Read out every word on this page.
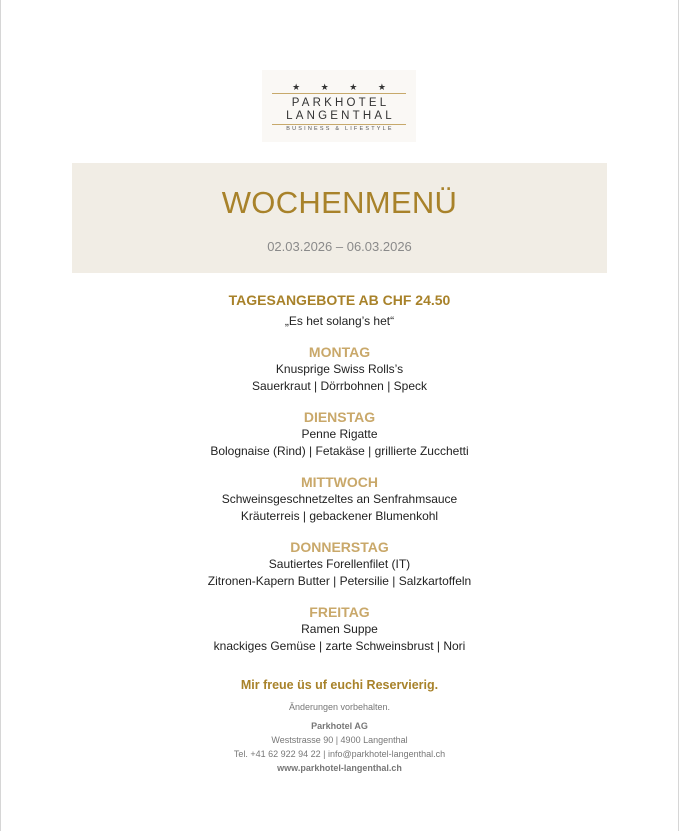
★ ★ ★ ★
PARKHOTEL
LANGENTHAL
BUSINESS & LIFESTYLE
WOCHENMENÜ
02.03.2026 – 06.03.2026
TAGESANGEBOTE AB CHF 24.50
„Es het solang’s het“
MONTAG
Knusprige Swiss Rolls’s
Sauerkraut | Dörrbohnen | Speck
DIENSTAG
Penne Rigatte
Bolognaise (Rind) | Fetakäse | grillierte Zucchetti
MITTWOCH
Schweinsgeschnetzeltes an Senfrahmsauce
Kräuterreis | gebackener Blumenkohl
DONNERSTAG
Sautiertes Forellenfilet (IT)
Zitronen-Kapern Butter | Petersilie | Salzkartoffeln
FREITAG
Ramen Suppe
knackiges Gemüse | zarte Schweinsbrust | Nori
Mir freue üs uf euchi Reservierig.
Änderungen vorbehalten.
Parkhotel AG
Weststrasse 90 | 4900 Langenthal
Tel. +41 62 922 94 22 | info@parkhotel-langenthal.ch
www.parkhotel-langenthal.ch
